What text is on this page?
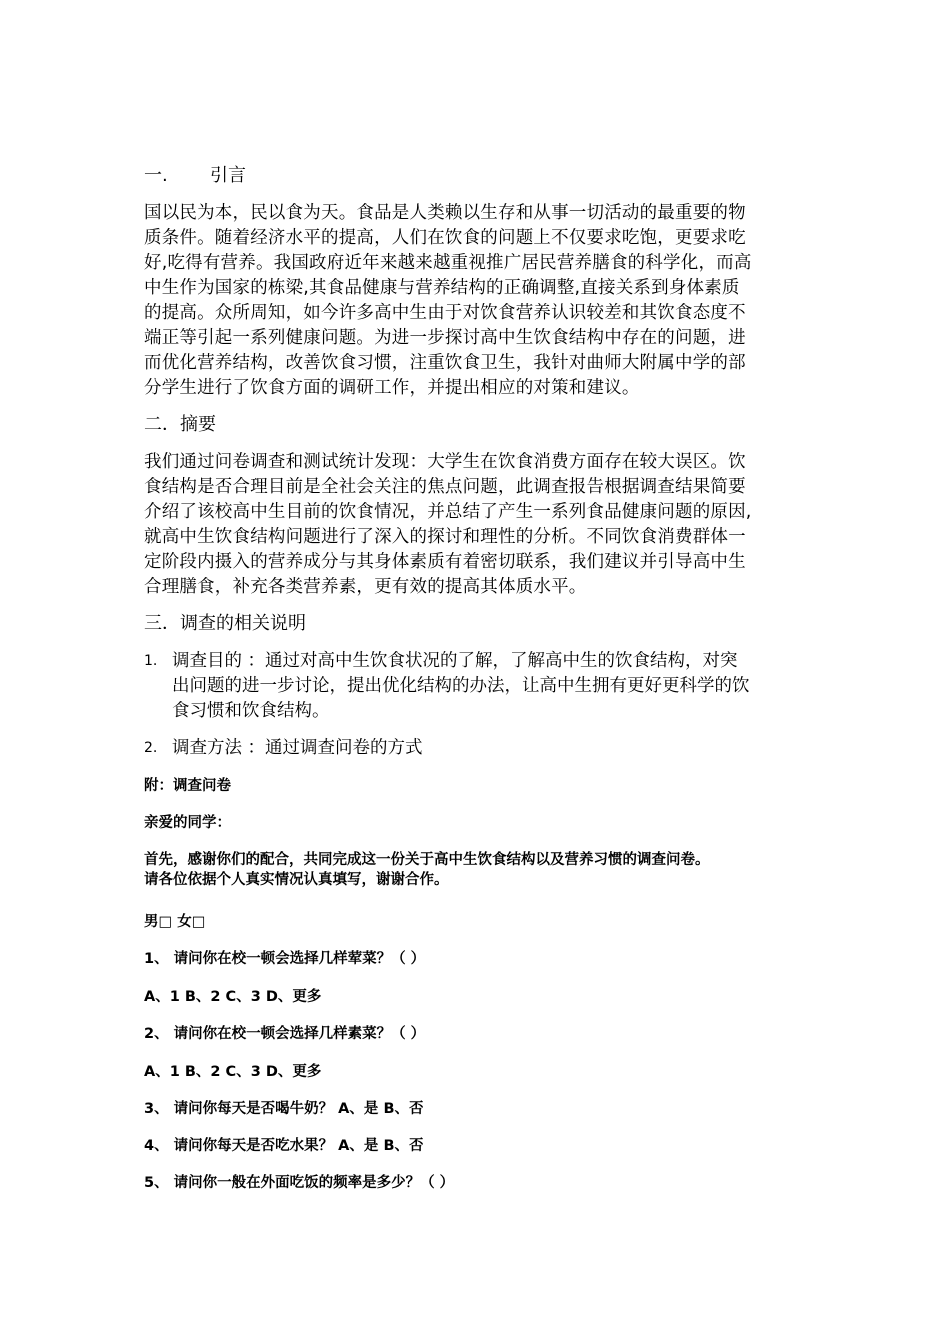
一. 引言
国以民为本，民以食为天。食品是人类赖以生存和从事一切活动的最重要的物
质条件。随着经济水平的提高，人们在饮食的问题上不仅要求吃饱，更要求吃
好,吃得有营养。我国政府近年来越来越重视推广居民营养膳食的科学化，而高
中生作为国家的栋梁,其食品健康与营养结构的正确调整,直接关系到身体素质
的提高。众所周知，如今许多高中生由于对饮食营养认识较差和其饮食态度不
端正等引起一系列健康问题。为进一步探讨高中生饮食结构中存在的问题，进
而优化营养结构，改善饮食习惯，注重饮食卫生，我针对曲师大附属中学的部
分学生进行了饮食方面的调研工作，并提出相应的对策和建议。
二．摘要
我们通过问卷调查和测试统计发现：大学生在饮食消费方面存在较大误区。饮
食结构是否合理目前是全社会关注的焦点问题，此调查报告根据调查结果简要
介绍了该校高中生目前的饮食情况，并总结了产生一系列食品健康问题的原因,
就高中生饮食结构问题进行了深入的探讨和理性的分析。不同饮食消费群体一
定阶段内摄入的营养成分与其身体素质有着密切联系，我们建议并引导高中生
合理膳食，补充各类营养素，更有效的提高其体质水平。
三．调查的相关说明
1. 调查目的 ：通过对高中生饮食状况的了解，了解高中生的饮食结构，对突
出问题的进一步讨论，提出优化结构的办法，让高中生拥有更好更科学的饮
食习惯和饮食结构。
2. 调查方法 ：通过调查问卷的方式
附：调查问卷
亲爱的同学：
首先，感谢你们的配合，共同完成这一份关于高中生饮食结构以及营养习惯的调查问卷。
请各位依据个人真实情况认真填写，谢谢合作。
男□ 女□
1、 请问你在校一顿会选择几样荤菜？（ ）
A、1 B、2 C、3 D、更多
2、 请问你在校一顿会选择几样素菜？（ ）
A、1 B、2 C、3 D、更多
3、 请问你每天是否喝牛奶？ A、是 B、否
4、 请问你每天是否吃水果？ A、是 B、否
5、 请问你一般在外面吃饭的频率是多少？（ ）
